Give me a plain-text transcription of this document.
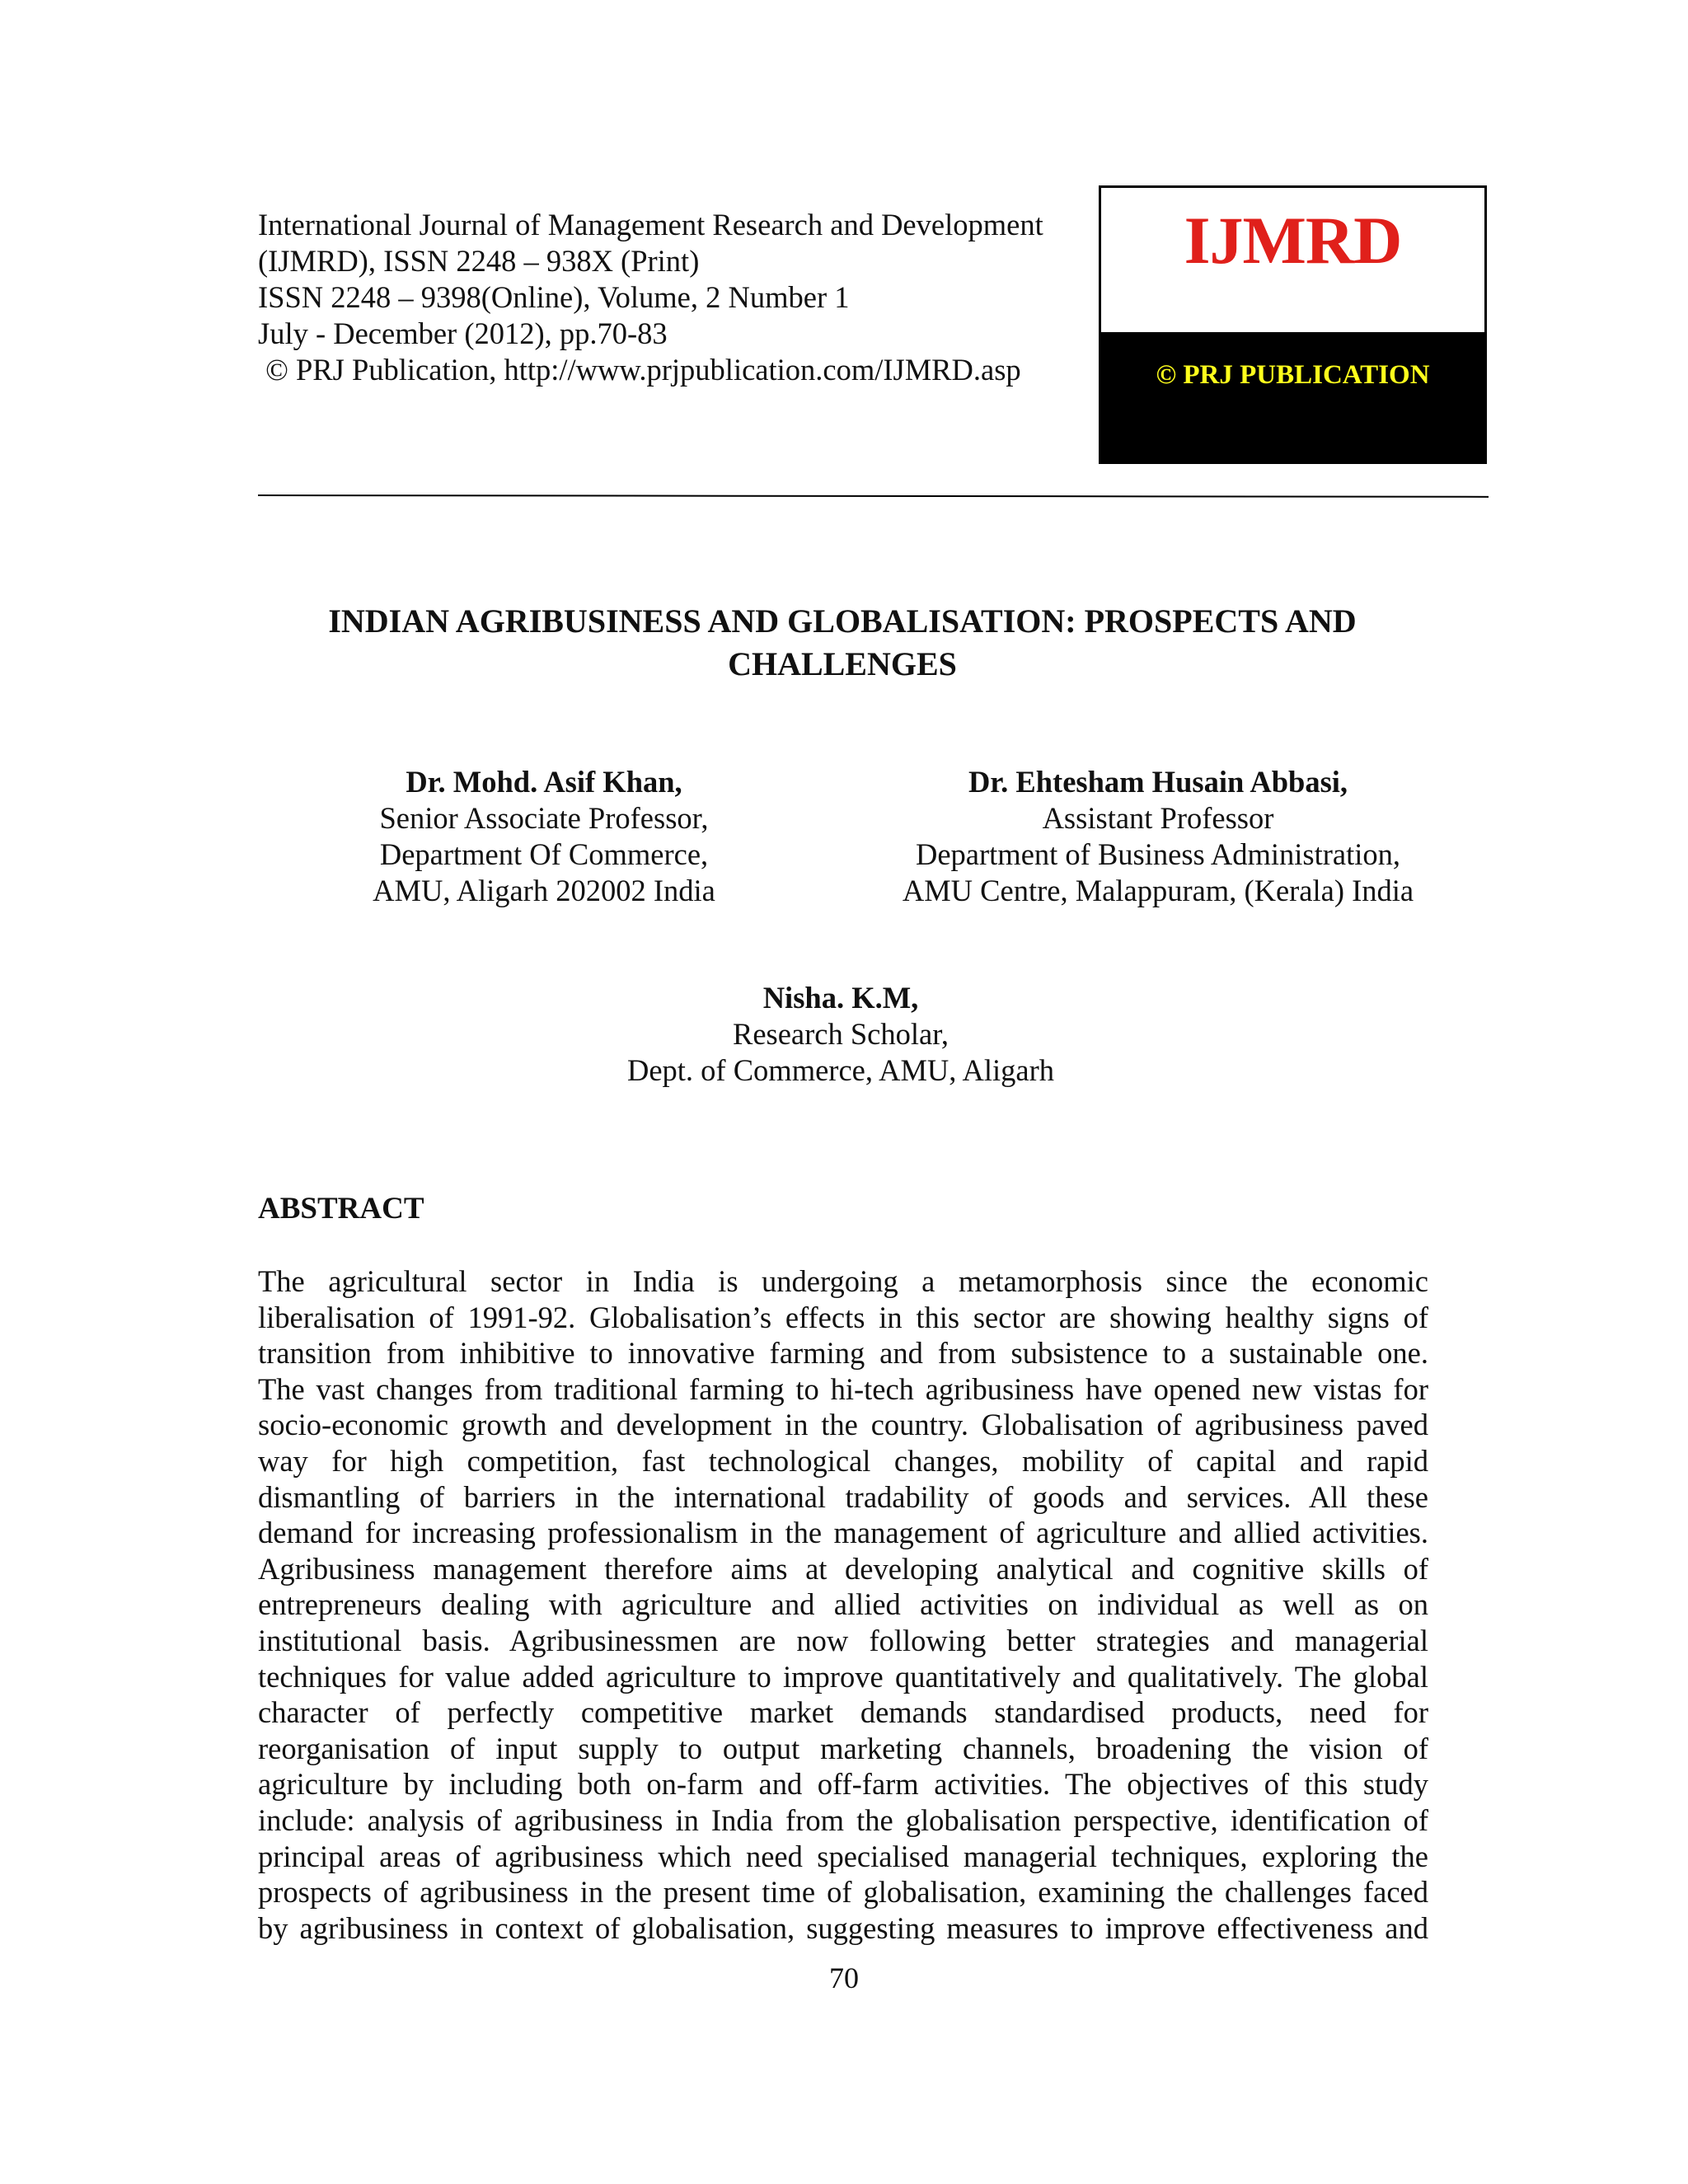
International Journal of Management Research and Development
(IJMRD), ISSN 2248 – 938X (Print)
ISSN 2248 – 9398(Online), Volume, 2 Number 1
July - December (2012), pp.70-83
© PRJ Publication, http://www.prjpublication.com/IJMRD.asp
IJMRD
© PRJ PUBLICATION
INDIAN AGRIBUSINESS AND GLOBALISATION: PROSPECTS AND
CHALLENGES
Dr. Mohd. Asif Khan,
Senior Associate Professor,
Department Of Commerce,
AMU, Aligarh 202002 India
Dr. Ehtesham Husain Abbasi,
Assistant Professor
Department of Business Administration,
AMU Centre, Malappuram, (Kerala) India
Nisha. K.M,
Research Scholar,
Dept. of Commerce, AMU, Aligarh
ABSTRACT
The agricultural sector in India is undergoing a metamorphosis since the economic
liberalisation of 1991-92. Globalisation’s effects in this sector are showing healthy signs of
transition from inhibitive to innovative farming and from subsistence to a sustainable one.
The vast changes from traditional farming to hi-tech agribusiness have opened new vistas for
socio-economic growth and development in the country. Globalisation of agribusiness paved
way for high competition, fast technological changes, mobility of capital and rapid
dismantling of barriers in the international tradability of goods and services. All these
demand for increasing professionalism in the management of agriculture and allied activities.
Agribusiness management therefore aims at developing analytical and cognitive skills of
entrepreneurs dealing with agriculture and allied activities on individual as well as on
institutional basis. Agribusinessmen are now following better strategies and managerial
techniques for value added agriculture to improve quantitatively and qualitatively. The global
character of perfectly competitive market demands standardised products, need for
reorganisation of input supply to output marketing channels, broadening the vision of
agriculture by including both on-farm and off-farm activities. The objectives of this study
include: analysis of agribusiness in India from the globalisation perspective, identification of
principal areas of agribusiness which need specialised managerial techniques, exploring the
prospects of agribusiness in the present time of globalisation, examining the challenges faced
by agribusiness in context of globalisation, suggesting measures to improve effectiveness and
70
